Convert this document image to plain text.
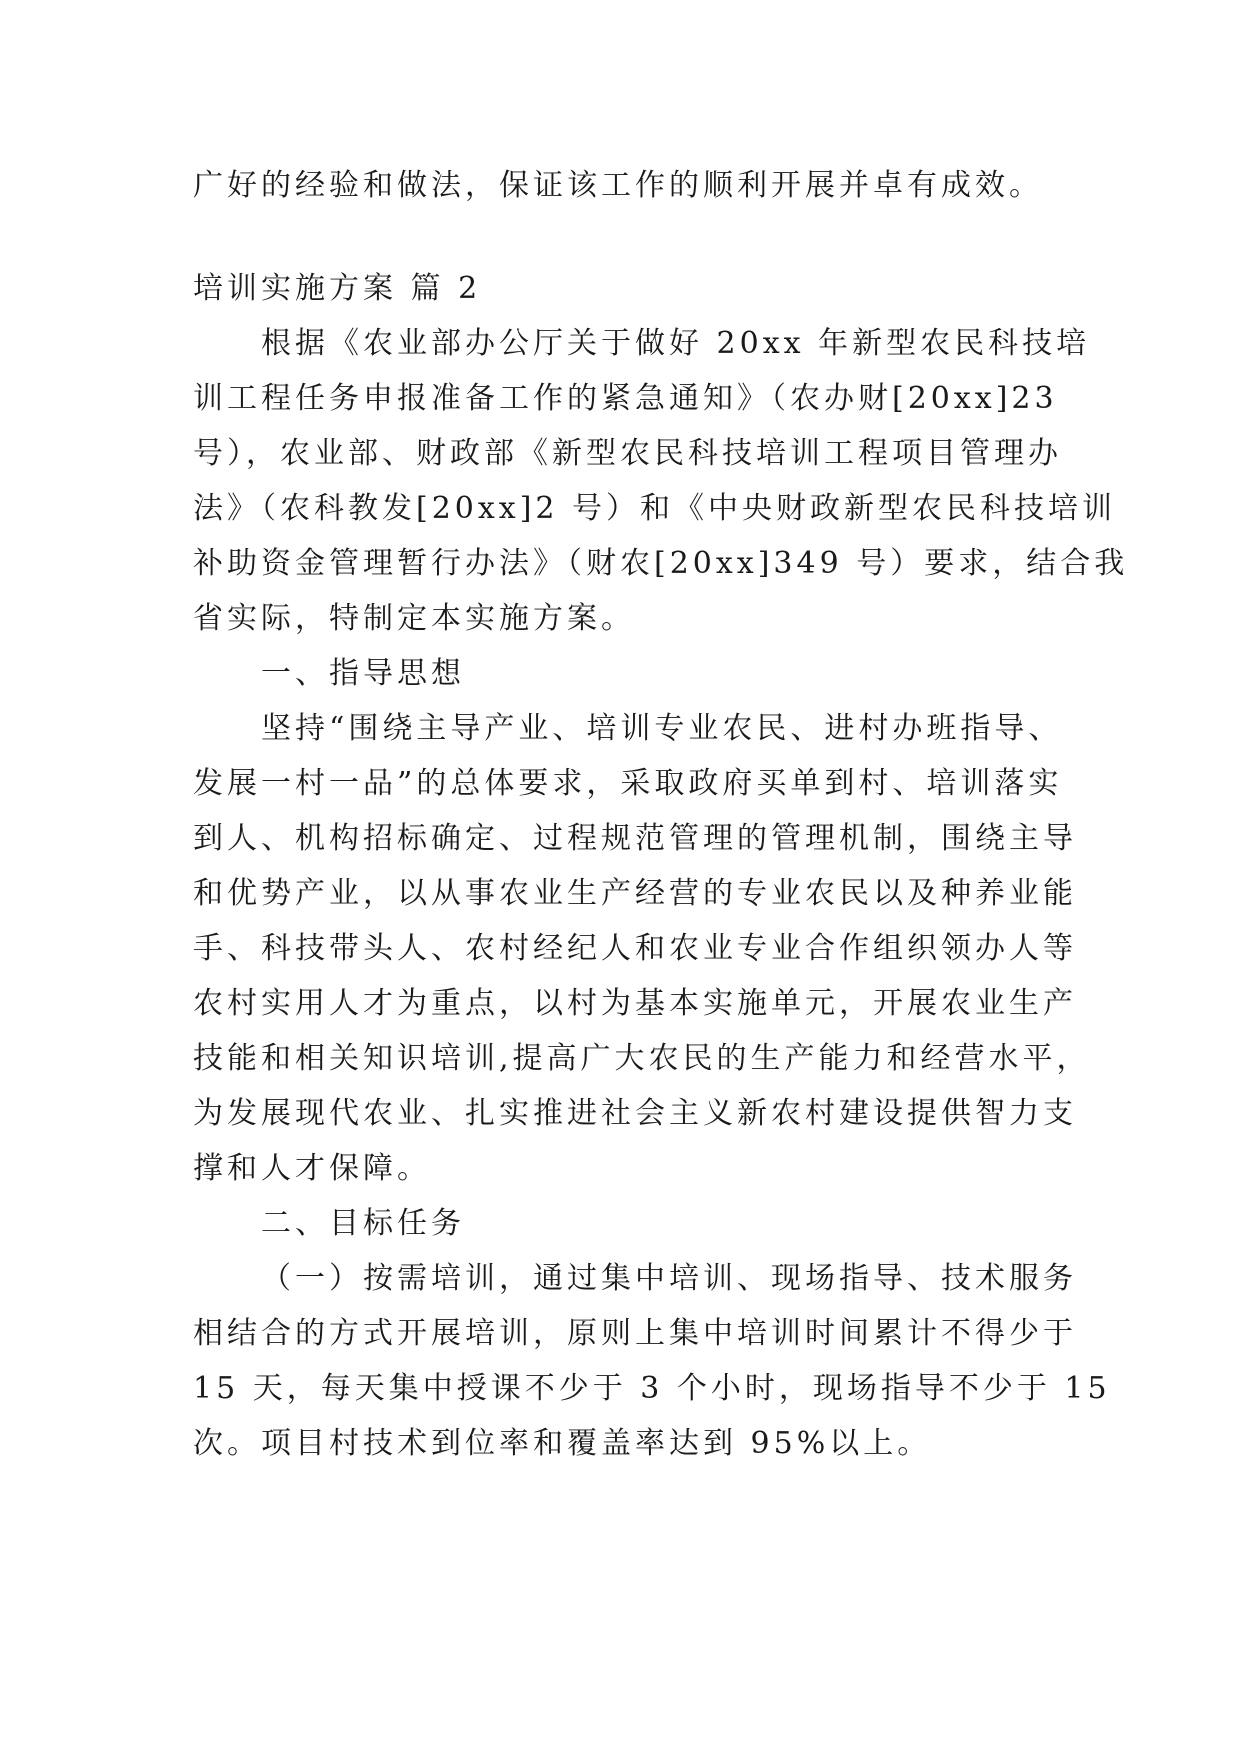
广好的经验和做法，保证该工作的顺利开展并卓有成效。
培训实施方案 篇 2
根据《农业部办公厅关于做好 20xx 年新型农民科技培
训工程任务申报准备工作的紧急通知》（农办财[20xx]23
号），农业部、财政部《新型农民科技培训工程项目管理办
法》（农科教发[20xx]2 号）和《中央财政新型农民科技培训
补助资金管理暂行办法》（财农[20xx]349 号）要求，结合我
省实际，特制定本实施方案。
一、指导思想
坚持“围绕主导产业、培训专业农民、进村办班指导、
发展一村一品”的总体要求，采取政府买单到村、培训落实
到人、机构招标确定、过程规范管理的管理机制，围绕主导
和优势产业，以从事农业生产经营的专业农民以及种养业能
手、科技带头人、农村经纪人和农业专业合作组织领办人等
农村实用人才为重点，以村为基本实施单元，开展农业生产
技能和相关知识培训,提高广大农民的生产能力和经营水平，
为发展现代农业、扎实推进社会主义新农村建设提供智力支
撑和人才保障。
二、目标任务
（一）按需培训，通过集中培训、现场指导、技术服务
相结合的方式开展培训，原则上集中培训时间累计不得少于
15 天，每天集中授课不少于 3 个小时，现场指导不少于 15
次。项目村技术到位率和覆盖率达到 95%以上。
